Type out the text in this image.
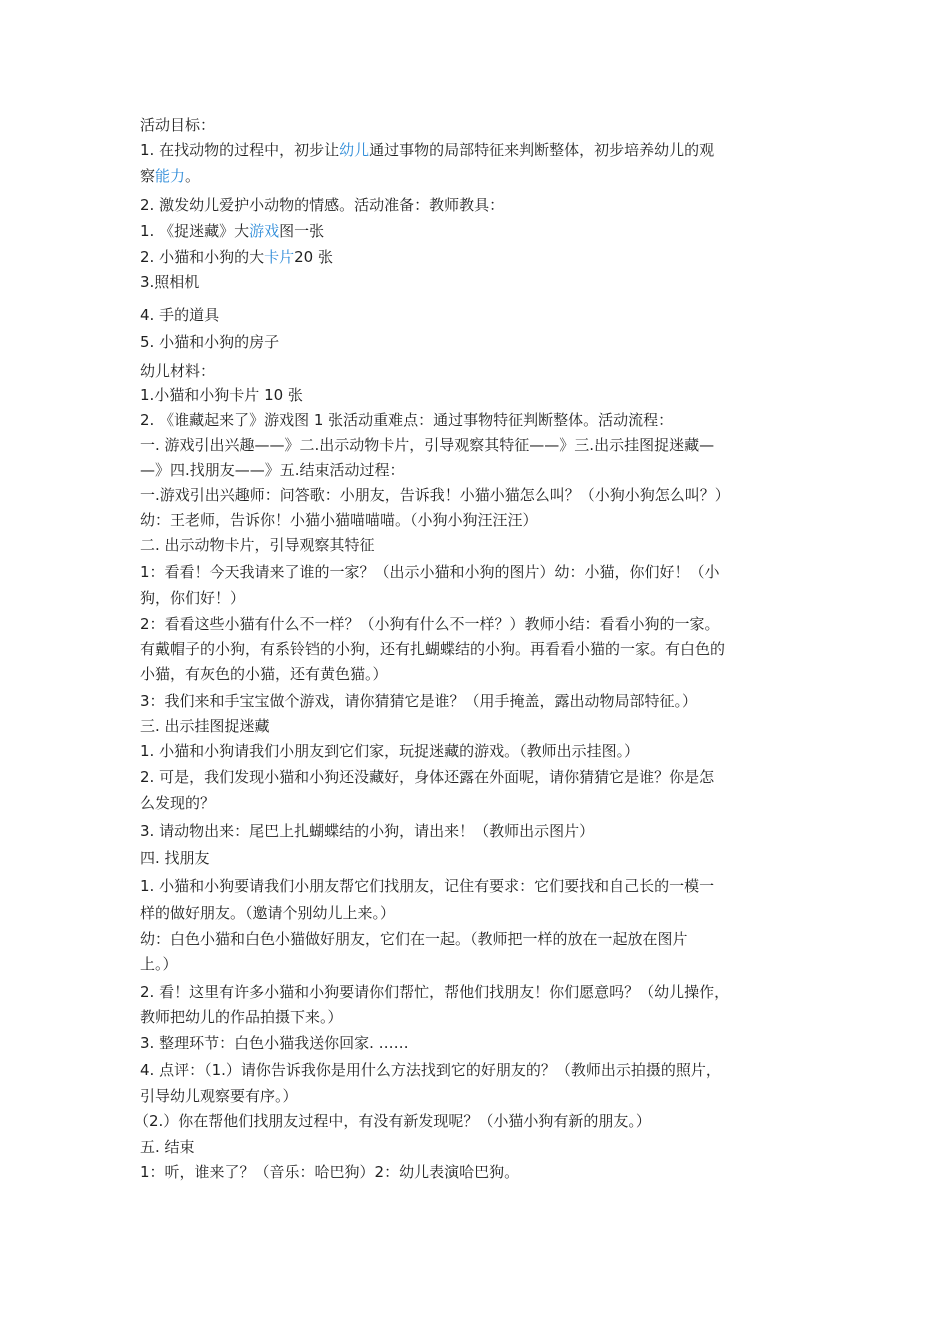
活动目标：
1. 在找动物的过程中，初步让幼儿通过事物的局部特征来判断整体，初步培养幼儿的观
察能力。
2. 激发幼儿爱护小动物的情感。活动准备：教师教具：
1. 《捉迷藏》大游戏图一张
2. 小猫和小狗的大卡片20 张
3.照相机
4. 手的道具
5. 小猫和小狗的房子
幼儿材料：
1.小猫和小狗卡片 10 张
2. 《谁藏起来了》游戏图 1 张活动重难点：通过事物特征判断整体。活动流程：
一. 游戏引出兴趣——》二.出示动物卡片，引导观察其特征——》三.出示挂图捉迷藏—
—》四.找朋友——》五.结束活动过程：
一.游戏引出兴趣师：问答歌：小朋友，告诉我！小猫小猫怎么叫？（小狗小狗怎么叫？）
幼：王老师，告诉你！小猫小猫喵喵喵。（小狗小狗汪汪汪）
二. 出示动物卡片，引导观察其特征
1：看看！今天我请来了谁的一家？（出示小猫和小狗的图片）幼：小猫，你们好！（小
狗，你们好！）
2：看看这些小猫有什么不一样？（小狗有什么不一样？）教师小结：看看小狗的一家。
有戴帽子的小狗，有系铃铛的小狗，还有扎蝴蝶结的小狗。再看看小猫的一家。有白色的
小猫，有灰色的小猫，还有黄色猫。）
3：我们来和手宝宝做个游戏，请你猜猜它是谁？（用手掩盖，露出动物局部特征。）
三. 出示挂图捉迷藏
1. 小猫和小狗请我们小朋友到它们家，玩捉迷藏的游戏。（教师出示挂图。）
2. 可是，我们发现小猫和小狗还没藏好，身体还露在外面呢，请你猜猜它是谁？你是怎
么发现的？
3. 请动物出来：尾巴上扎蝴蝶结的小狗，请出来！（教师出示图片）
四. 找朋友
1. 小猫和小狗要请我们小朋友帮它们找朋友，记住有要求：它们要找和自己长的一模一
样的做好朋友。（邀请个别幼儿上来。）
幼：白色小猫和白色小猫做好朋友，它们在一起。（教师把一样的放在一起放在图片
上。）
2. 看！这里有许多小猫和小狗要请你们帮忙，帮他们找朋友！你们愿意吗？（幼儿操作，
教师把幼儿的作品拍摄下来。）
3. 整理环节：白色小猫我送你回家. ……
4. 点评：（1.）请你告诉我你是用什么方法找到它的好朋友的？（教师出示拍摄的照片，
引导幼儿观察要有序。）
（2.）你在帮他们找朋友过程中，有没有新发现呢？（小猫小狗有新的朋友。）
五. 结束
1：听，谁来了？（音乐：哈巴狗）2：幼儿表演哈巴狗。
